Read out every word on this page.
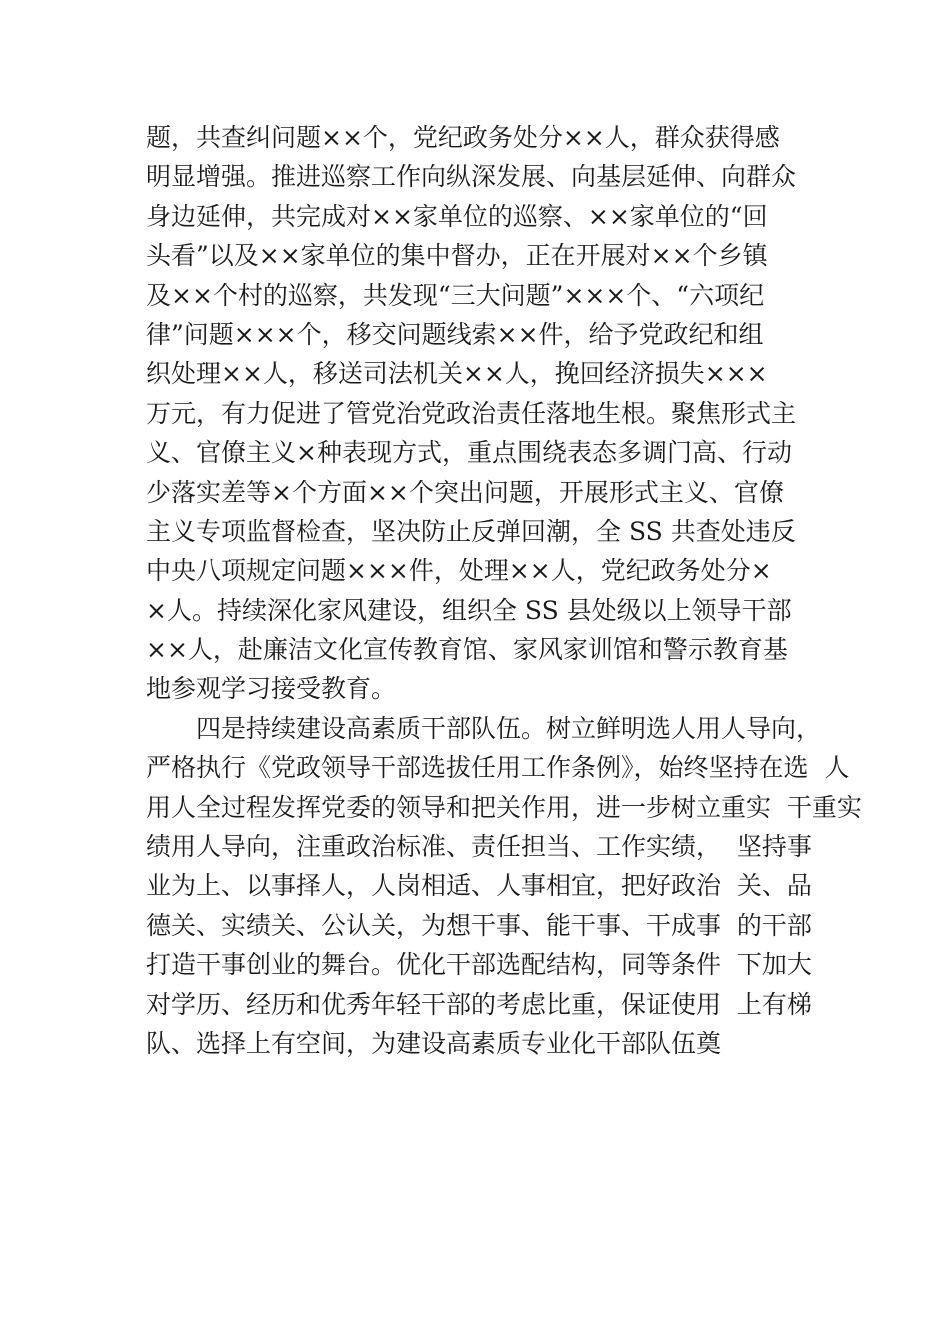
题，共查纠问题××个，党纪政务处分××人，群众获得感
明显增强。推进巡察工作向纵深发展、向基层延伸、向群众
身边延伸，共完成对××家单位的巡察、××家单位的“回
头看”以及××家单位的集中督办，正在开展对××个乡镇
及××个村的巡察，共发现“三大问题”×××个、“六项纪
律”问题×××个，移交问题线索××件，给予党政纪和组
织处理××人，移送司法机关××人，挽回经济损失×××
万元，有力促进了管党治党政治责任落地生根。聚焦形式主
义、官僚主义×种表现方式，重点围绕表态多调门高、行动
少落实差等×个方面××个突出问题，开展形式主义、官僚
主义专项监督检查，坚决防止反弹回潮，全 SS 共查处违反
中央八项规定问题×××件，处理××人，党纪政务处分×
×人。持续深化家风建设，组织全 SS 县处级以上领导干部
××人，赴廉洁文化宣传教育馆、家风家训馆和警示教育基
地参观学习接受教育。
四是持续建设高素质干部队伍。树立鲜明选人用人导向，
严格执行《党政领导干部选拔任用工作条例》，始终坚持在选  人
用人全过程发挥党委的领导和把关作用，进一步树立重实  干重实
绩用人导向，注重政治标准、责任担当、工作实绩，  坚持事
业为上、以事择人，人岗相适、人事相宜，把好政治  关、品
德关、实绩关、公认关，为想干事、能干事、干成事  的干部
打造干事创业的舞台。优化干部选配结构，同等条件  下加大
对学历、经历和优秀年轻干部的考虑比重，保证使用  上有梯
队、选择上有空间，为建设高素质专业化干部队伍奠
